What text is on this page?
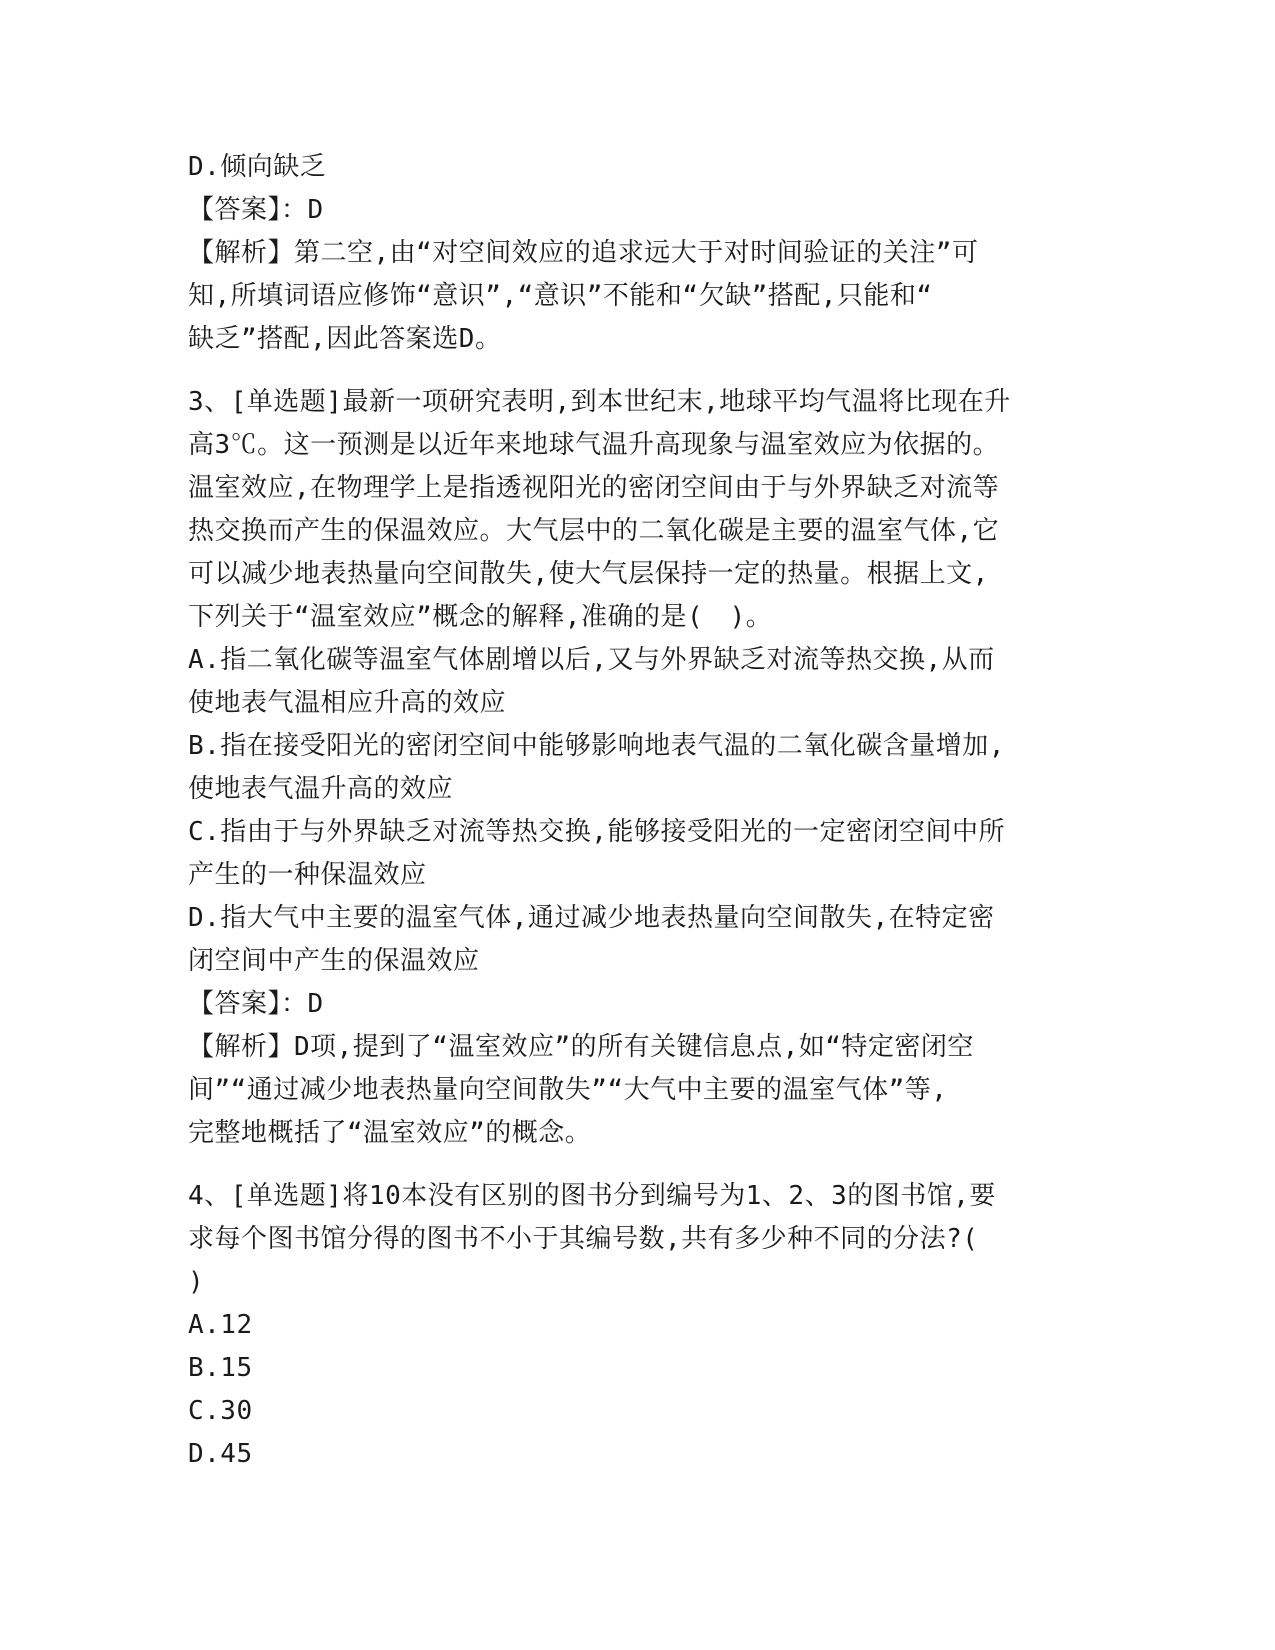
D.倾向缺乏
【答案】：D
【解析】第二空,由“对空间效应的追求远大于对时间验证的关注”可
知,所填词语应修饰“意识”,“意识”不能和“欠缺”搭配,只能和“
缺乏”搭配,因此答案选D。
3、[单选题]最新一项研究表明,到本世纪末,地球平均气温将比现在升
高3℃。这一预测是以近年来地球气温升高现象与温室效应为依据的。
温室效应,在物理学上是指透视阳光的密闭空间由于与外界缺乏对流等
热交换而产生的保温效应。大气层中的二氧化碳是主要的温室气体,它
可以减少地表热量向空间散失,使大气层保持一定的热量。根据上文,
下列关于“温室效应”概念的解释,准确的是(　)。
A.指二氧化碳等温室气体剧增以后,又与外界缺乏对流等热交换,从而
使地表气温相应升高的效应
B.指在接受阳光的密闭空间中能够影响地表气温的二氧化碳含量增加,
使地表气温升高的效应
C.指由于与外界缺乏对流等热交换,能够接受阳光的一定密闭空间中所
产生的一种保温效应
D.指大气中主要的温室气体,通过减少地表热量向空间散失,在特定密
闭空间中产生的保温效应
【答案】：D
【解析】D项,提到了“温室效应”的所有关键信息点,如“特定密闭空
间”“通过减少地表热量向空间散失”“大气中主要的温室气体”等,
完整地概括了“温室效应”的概念。
4、[单选题]将10本没有区别的图书分到编号为1、2、3的图书馆,要
求每个图书馆分得的图书不小于其编号数,共有多少种不同的分法?(
)
A.12
B.15
C.30
D.45
